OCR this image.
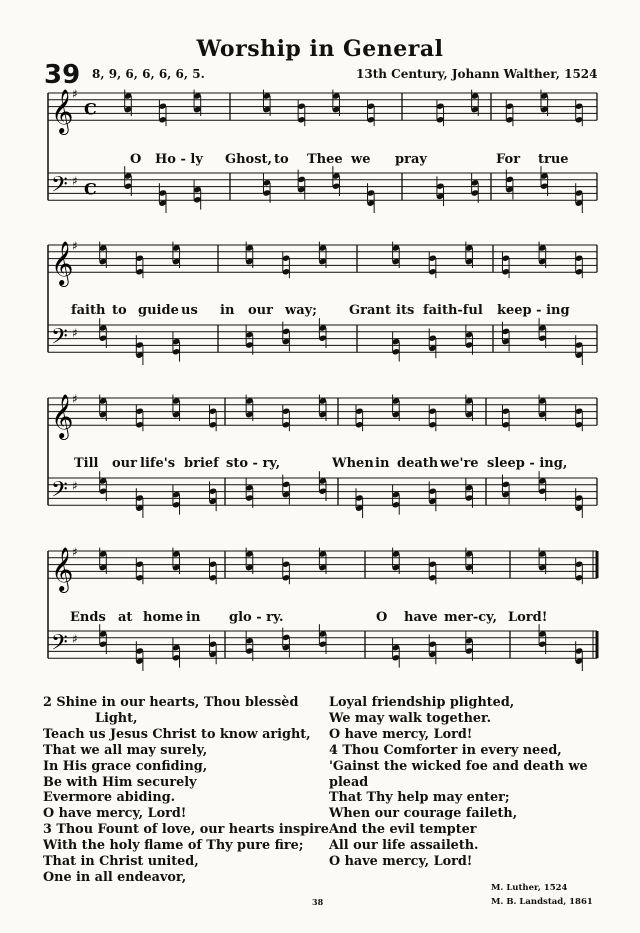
Worship in General
39 8, 9, 6, 6, 6, 6, 5.	13th Century, Johann Walther, 1524
𝄞
♯
C
𝄢 ♯ C
𝄞
♯
𝄢 ♯
𝄞
♯
𝄢 ♯
𝄞
♯
𝄢 ♯
O Ho - ly Ghost, to Thee we pray	For true
faith to guide us in our way; Grant its faith-ful keep - ing
Till our life's brief sto - ry,	When in death we're sleep - ing,
Ends at home in glo - ry.	O have mer-cy, Lord!
2 Shine in our hearts, Thou blessèd
Light,
Teach us Jesus Christ to know aright,
That we all may surely,
In His grace confiding,
Be with Him securely
Evermore abiding.
O have mercy, Lord!
3 Thou Fount of love, our hearts inspire
With the holy flame of Thy pure fire;
That in Christ united,
One in all endeavor,
Loyal friendship plighted,
We may walk together.
O have mercy, Lord!
4 Thou Comforter in every need,
'Gainst the wicked foe and death we
plead
That Thy help may enter;
When our courage faileth,
And the evil tempter
All our life assaileth.
O have mercy, Lord!
M. Luther, 1524
M. B. Landstad, 1861
38
